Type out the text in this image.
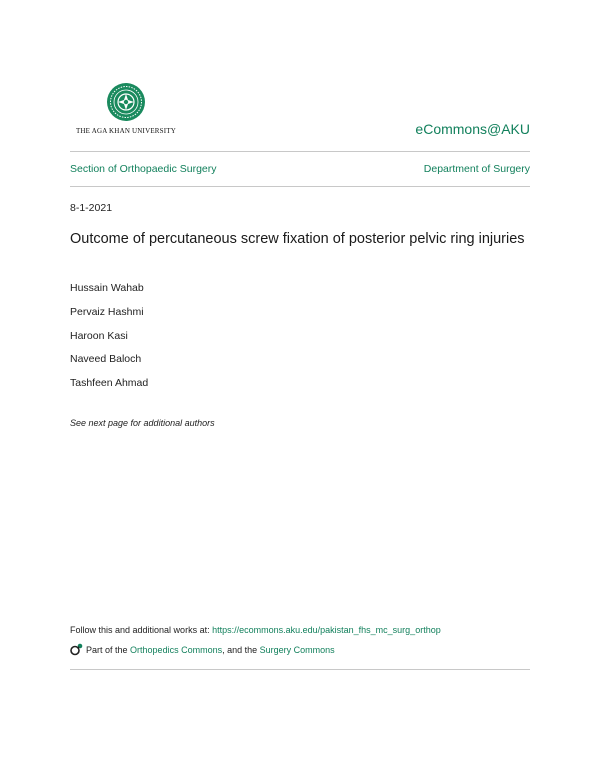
THE AGA KHAN UNIVERSITY	eCommons@AKU
Section of Orthopaedic Surgery	Department of Surgery
8-1-2021
Outcome of percutaneous screw fixation of posterior pelvic ring injuries
Hussain Wahab
Pervaiz Hashmi
Haroon Kasi
Naveed Baloch
Tashfeen Ahmad
See next page for additional authors
Follow this and additional works at: https://ecommons.aku.edu/pakistan_fhs_mc_surg_orthop
Part of the
Orthopedics Commons , and the Surgery Commons
